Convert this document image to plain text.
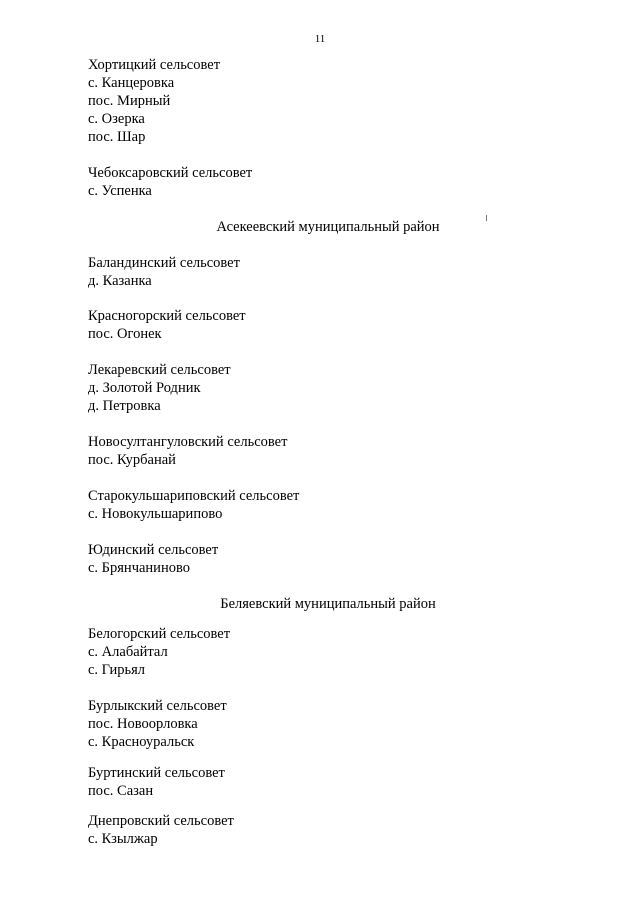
11
Хортицкий сельсовет
с. Канцеровка
пос. Мирный
с. Озерка
пос. Шар
Чебоксаровский сельсовет
с. Успенка
Асекеевский муниципальный район
Баландинский сельсовет
д. Казанка
Красногорский сельсовет
пос. Огонек
Лекаревский сельсовет
д. Золотой Родник
д. Петровка
Новосултангуловский сельсовет
пос. Курбанай
Старокульшариповский сельсовет
с. Новокульшарипово
Юдинский сельсовет
с. Брянчаниново
Беляевский муниципальный район
Белогорский сельсовет
с. Алабайтал
с. Гирьял
Бурлыкский сельсовет
пос. Новоорловка
с. Красноуральск
Буртинский сельсовет
пос. Сазан
Днепровский сельсовет
с. Кзылжар
